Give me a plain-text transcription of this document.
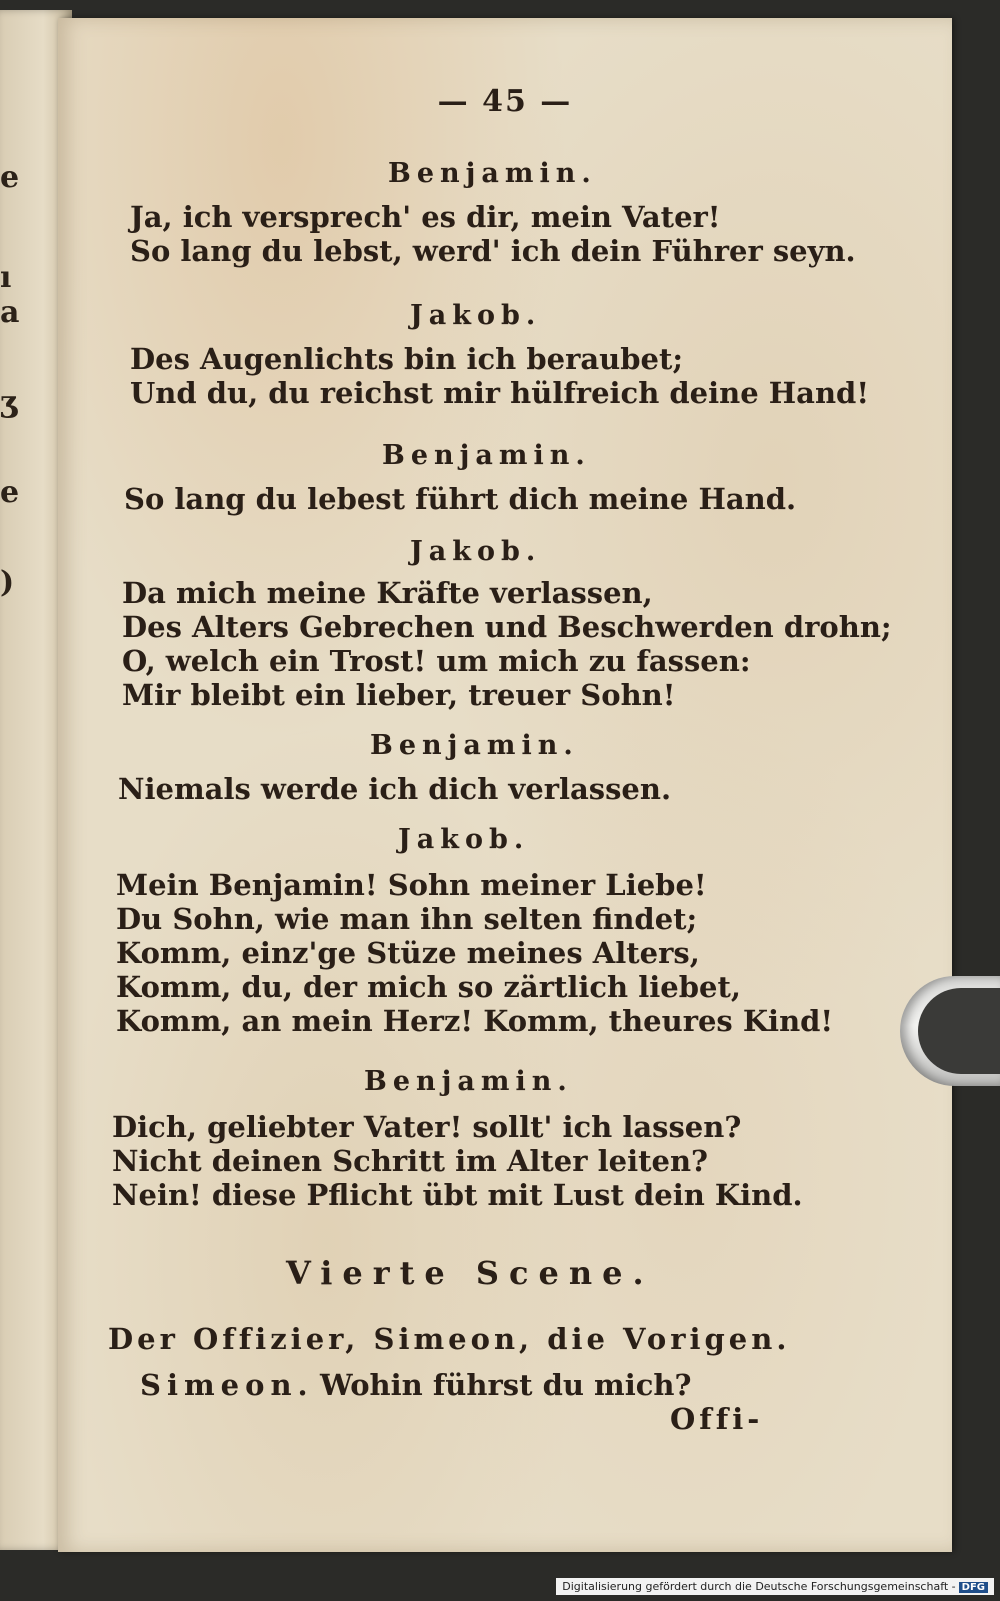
e
ı
a
ʒ
e
)
— 45 —
Benjamin.
Ja, ich versprech' es dir, mein Vater!
So lang du lebst, werd' ich dein Führer seyn.
Jakob.
Des Augenlichts bin ich beraubet;
Und du, du reichst mir hülfreich deine Hand!
Benjamin.
So lang du lebest führt dich meine Hand.
Jakob.
Da mich meine Kräfte verlassen,
Des Alters Gebrechen und Beschwerden drohn;
O, welch ein Trost! um mich zu fassen:
Mir bleibt ein lieber, treuer Sohn!
Benjamin.
Niemals werde ich dich verlassen.
Jakob.
Mein Benjamin! Sohn meiner Liebe!
Du Sohn, wie man ihn selten findet;
Komm, einz'ge Stüze meines Alters,
Komm, du, der mich so zärtlich liebet,
Komm, an mein Herz! Komm, theures Kind!
Benjamin.
Dich, geliebter Vater! sollt' ich lassen?
Nicht deinen Schritt im Alter leiten?
Nein! diese Pflicht übt mit Lust dein Kind.
Vierte Scene.
Der Offizier, Simeon, die Vorigen.
Simeon. Wohin führst du mich?
Offi-
Digitalisierung gefördert durch die Deutsche Forschungsgemeinschaft - DFG
